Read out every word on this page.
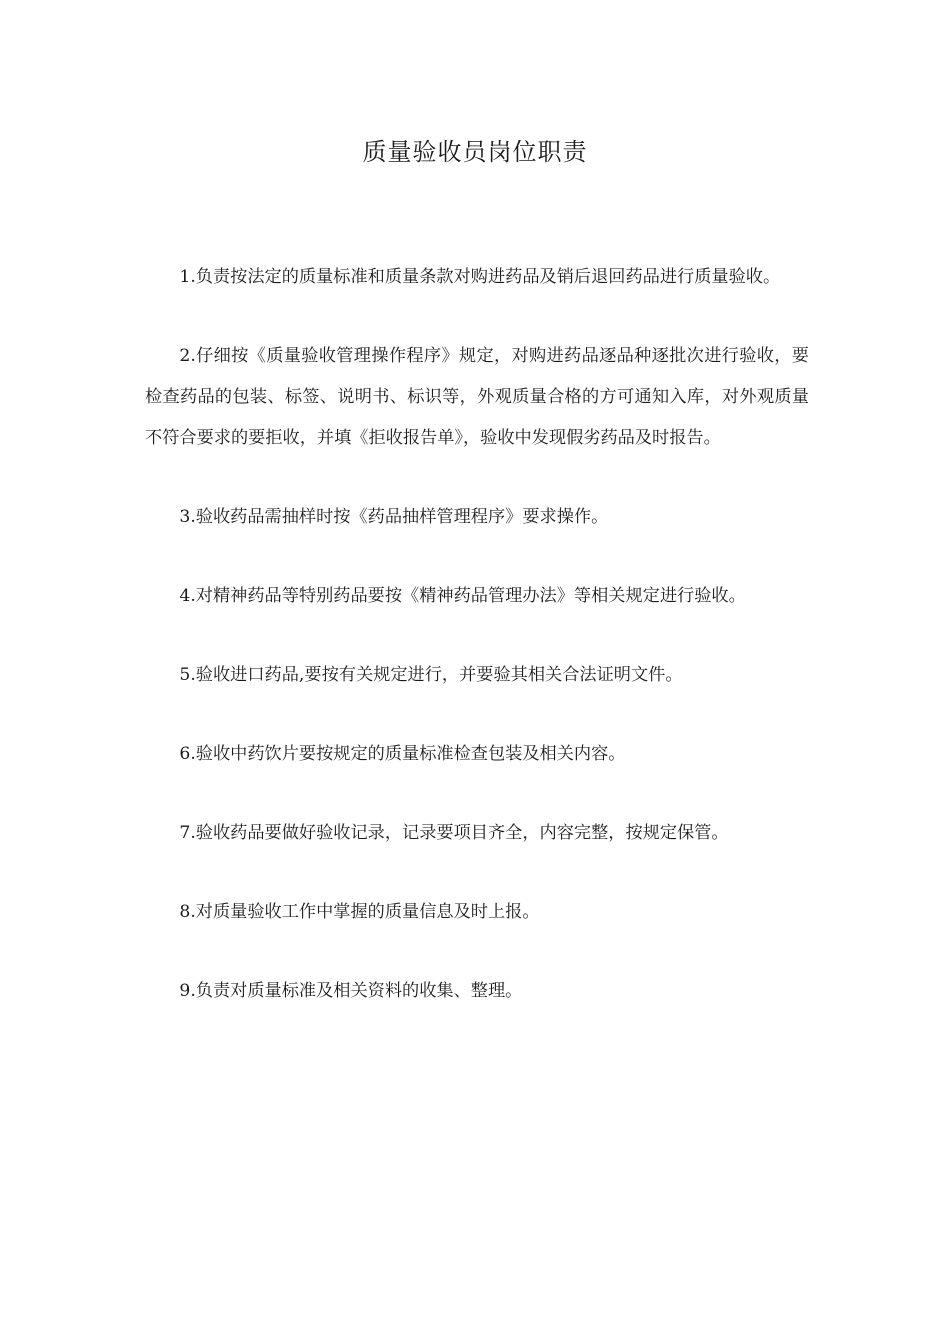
质量验收员岗位职责

1.负责按法定的质量标准和质量条款对购进药品及销后退回药品进行质量验收。

2.仔细按《质量验收管理操作程序》规定，对购进药品逐品种逐批次进行验收，要检查药品的包装、标签、说明书、标识等，外观质量合格的方可通知入库，对外观质量不符合要求的要拒收，并填《拒收报告单》，验收中发现假劣药品及时报告。

3.验收药品需抽样时按《药品抽样管理程序》要求操作。

4.对精神药品等特别药品要按《精神药品管理办法》等相关规定进行验收。

5.验收进口药品,要按有关规定进行，并要验其相关合法证明文件。

6.验收中药饮片要按规定的质量标准检查包装及相关内容。

7.验收药品要做好验收记录，记录要项目齐全，内容完整，按规定保管。

8.对质量验收工作中掌握的质量信息及时上报。

9.负责对质量标准及相关资料的收集、整理。
